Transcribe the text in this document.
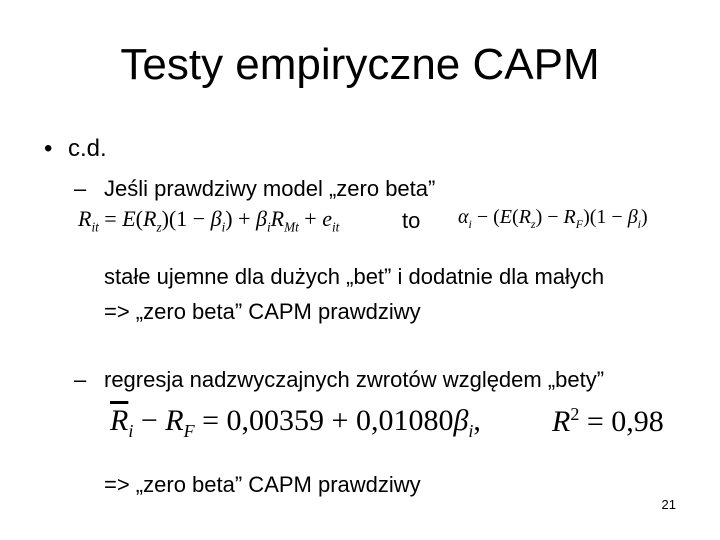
Testy empiryczne CAPM
• c.d.
– Jeśli prawdziwy model „zero beta”
$R_{it} = E(R_z)(1 - \beta_i) + \beta_iR_{Mt} + e_{it}$	to $\alpha_i - (E(R_z) - R_F)(1 - \beta_i)$
stałe ujemne dla dużych „bet” i dodatnie dla małych
=> „zero beta” CAPM prawdziwy
– regresja nadzwyczajnych zwrotów względem „bety”
$\overline{R}_i - R_F = 0,00359 + 0,01080\beta_i$, $R^2 = 0,98$
=> „zero beta” CAPM prawdziwy
21
